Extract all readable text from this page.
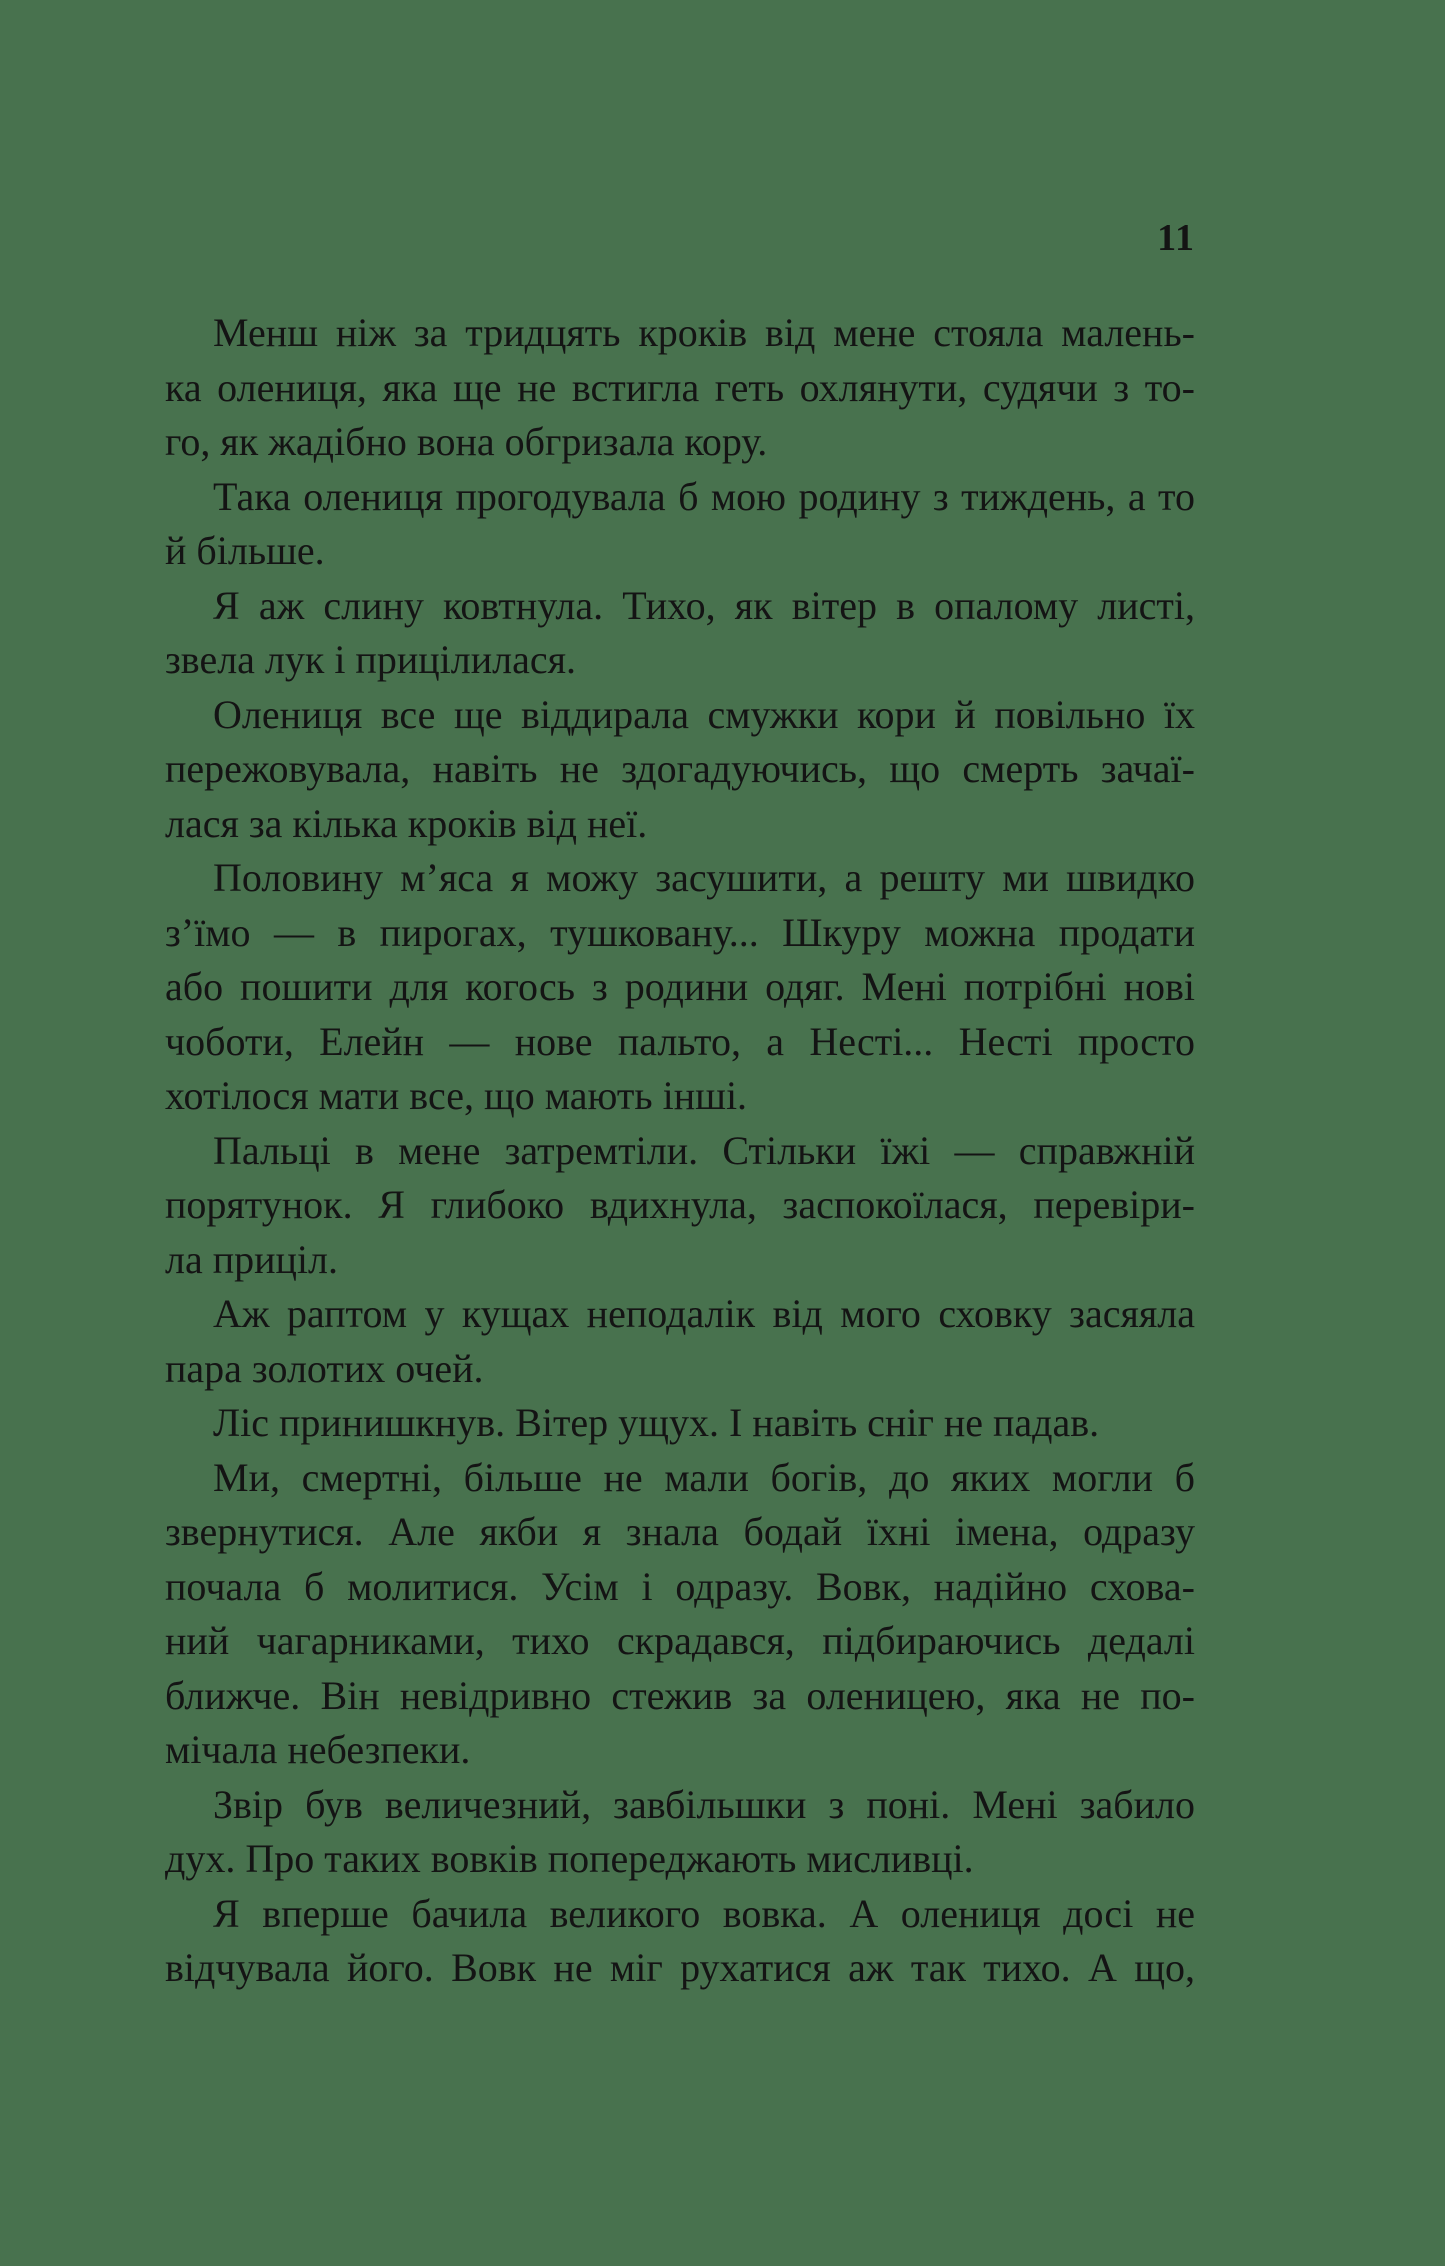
11
Менш ніж за тридцять кроків від мене стояла малень-
ка олениця, яка ще не встигла геть охлянути, судячи з то-
го, як жадібно вона обгризала кору.
Така олениця прогодувала б мою родину з тиждень, а то
й більше.
Я аж слину ковтнула. Тихо, як вітер в опалому листі,
звела лук і прицілилася.
Олениця все ще віддирала смужки кори й повільно їх
пережовувала, навіть не здогадуючись, що смерть зачаї-
лася за кілька кроків від неї.
Половину м’яса я можу засушити, а решту ми швидко
з’їмо — в пирогах, тушковану... Шкуру можна продати
або пошити для когось з родини одяг. Мені потрібні нові
чоботи, Елейн — нове пальто, а Несті... Несті просто
хотілося мати все, що мають інші.
Пальці в мене затремтіли. Стільки їжі — справжній
порятунок. Я глибоко вдихнула, заспокоїлася, перевіри-
ла приціл.
Аж раптом у кущах неподалік від мого сховку засяяла
пара золотих очей.
Ліс принишкнув. Вітер ущух. І навіть сніг не падав.
Ми, смертні, більше не мали богів, до яких могли б
звернутися. Але якби я знала бодай їхні імена, одразу
почала б молитися. Усім і одразу. Вовк, надійно схова-
ний чагарниками, тихо скрадався, підбираючись дедалі
ближче. Він невідривно стежив за оленицею, яка не по-
мічала небезпеки.
Звір був величезний, завбільшки з поні. Мені забило
дух. Про таких вовків попереджають мисливці.
Я вперше бачила великого вовка. А олениця досі не
відчувала його. Вовк не міг рухатися аж так тихо. А що,
